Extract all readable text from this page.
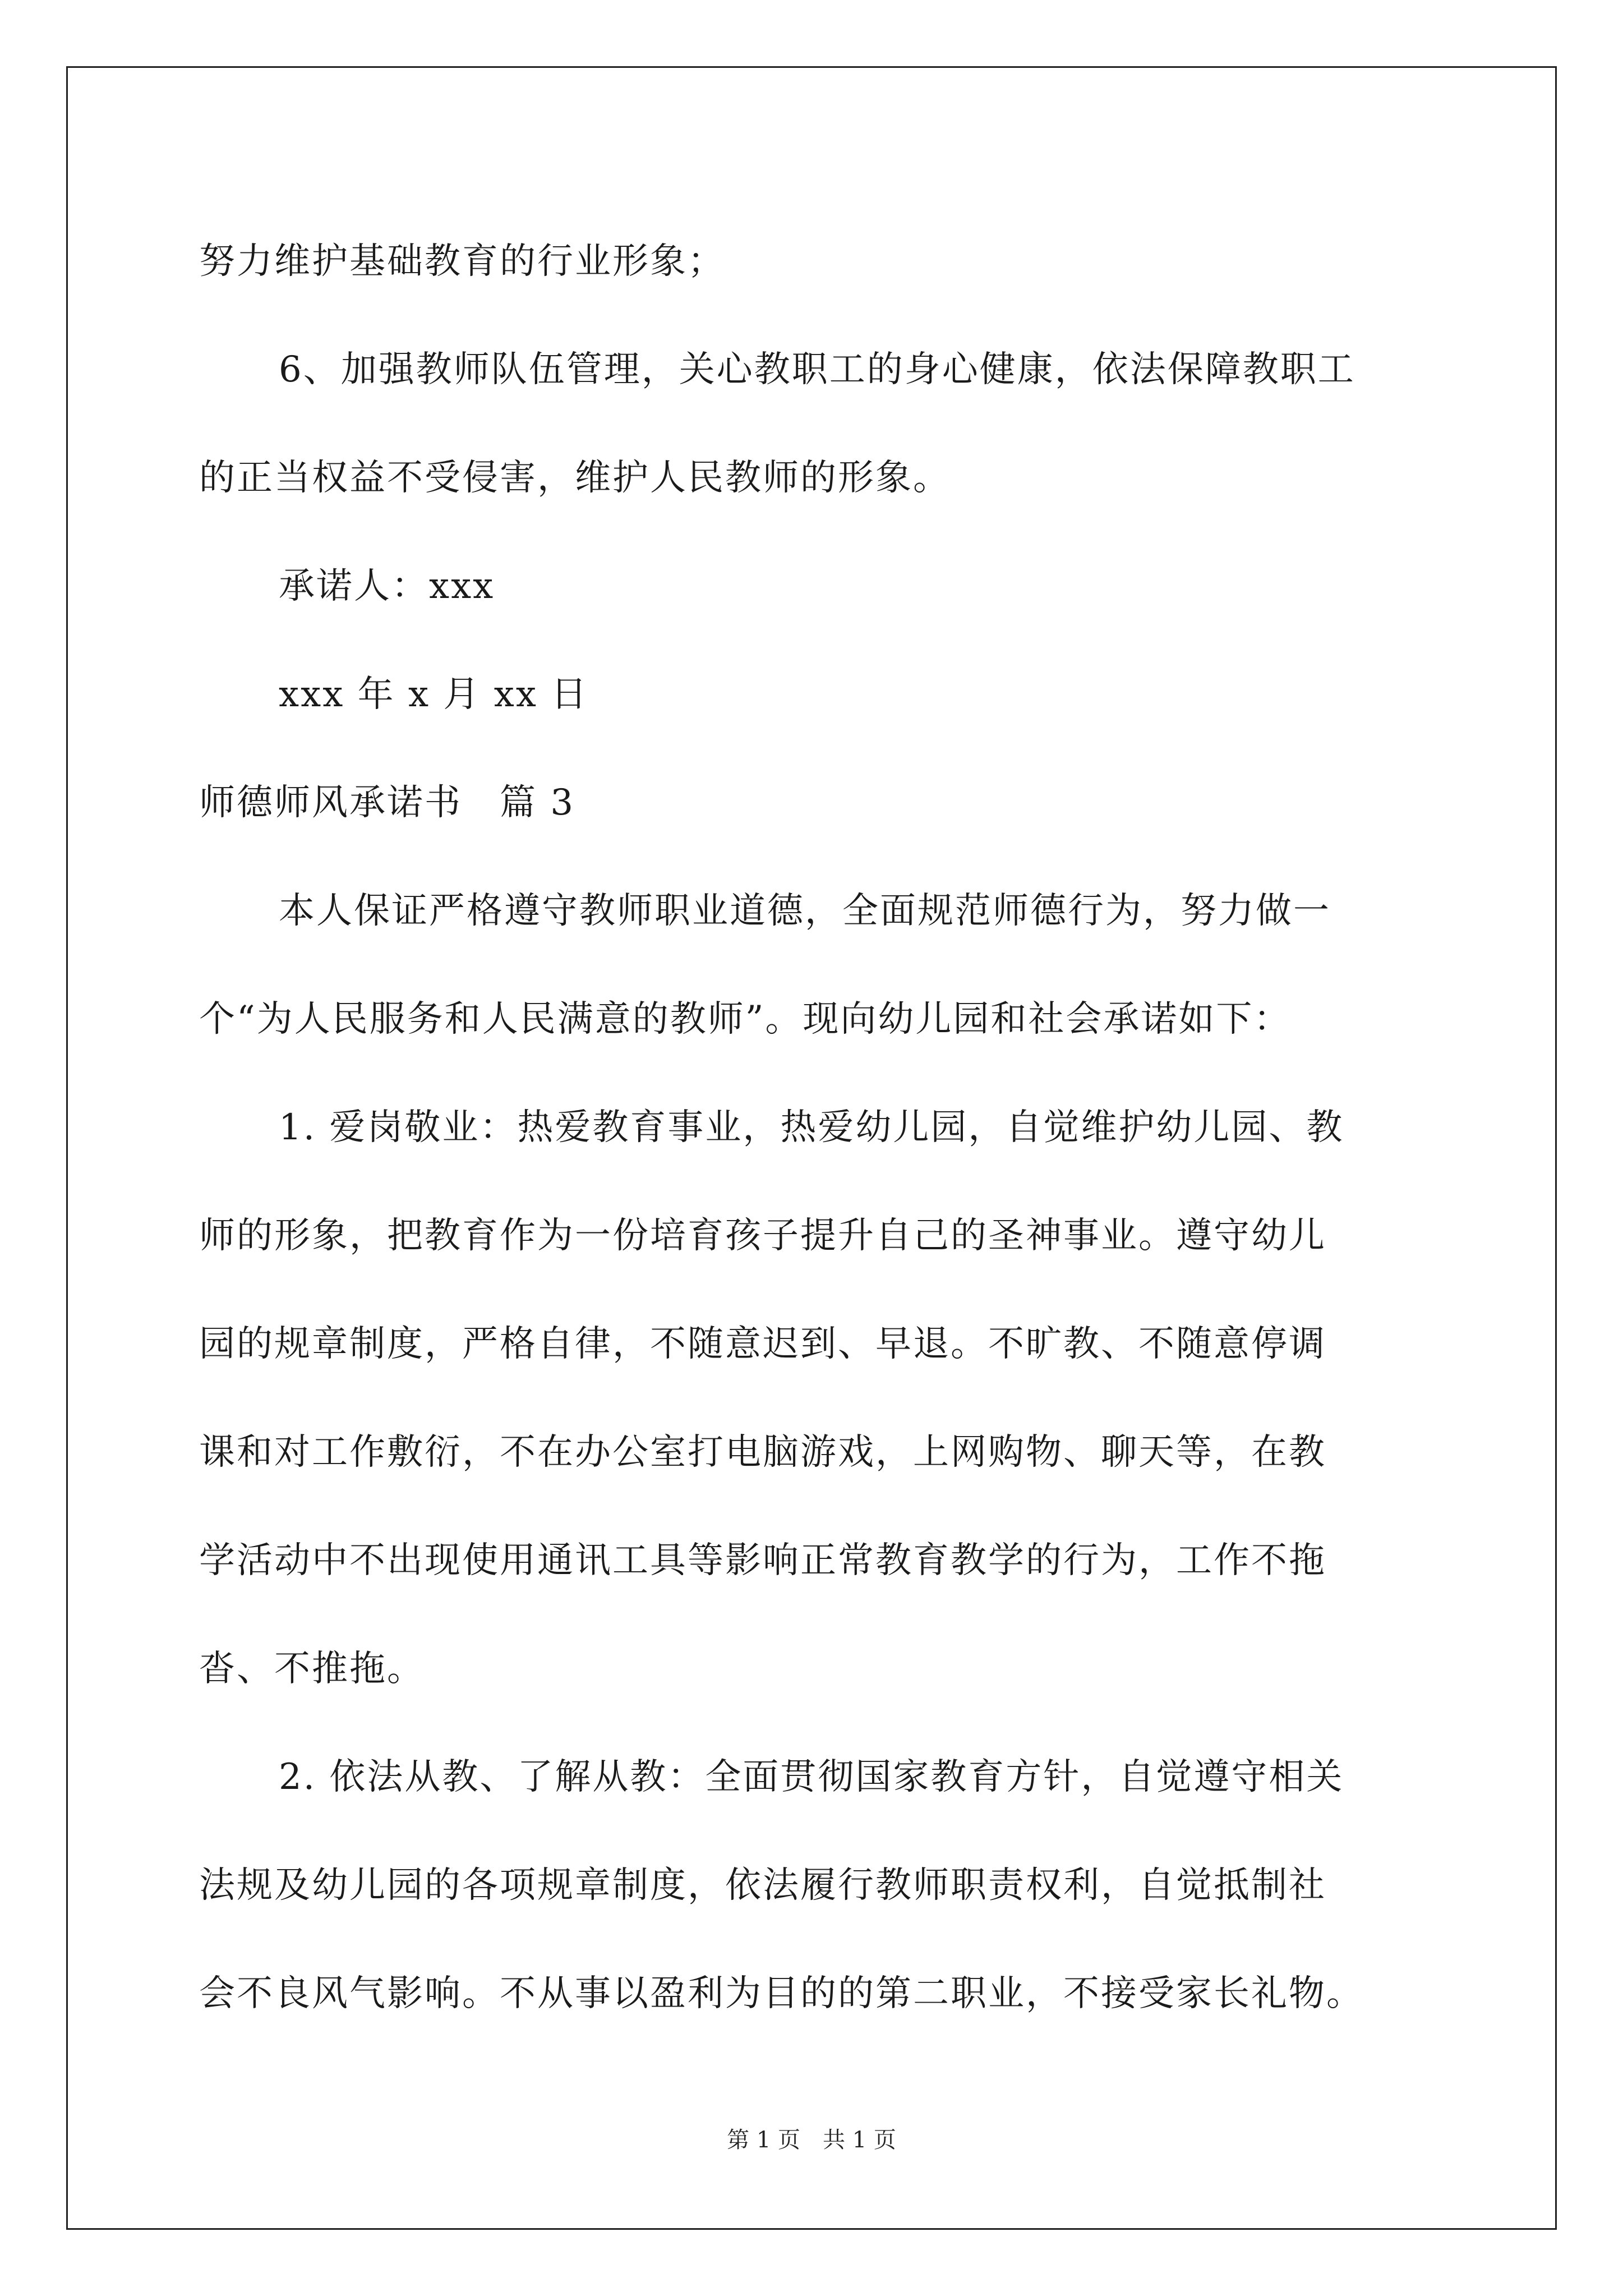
努力维护基础教育的行业形象；
6、加强教师队伍管理，关心教职工的身心健康，依法保障教职工
的正当权益不受侵害，维护人民教师的形象。
承诺人：xxx
xxx 年 x 月 xx 日
师德师风承诺书　篇 3
本人保证严格遵守教师职业道德，全面规范师德行为，努力做一
个“为人民服务和人民满意的教师”。现向幼儿园和社会承诺如下：
1. 爱岗敬业：热爱教育事业，热爱幼儿园，自觉维护幼儿园、教
师的形象，把教育作为一份培育孩子提升自己的圣神事业。遵守幼儿
园的规章制度，严格自律，不随意迟到、早退。不旷教、不随意停调
课和对工作敷衍，不在办公室打电脑游戏，上网购物、聊天等，在教
学活动中不出现使用通讯工具等影响正常教育教学的行为，工作不拖
沓、不推拖。
2. 依法从教、了解从教：全面贯彻国家教育方针，自觉遵守相关
法规及幼儿园的各项规章制度，依法履行教师职责权利，自觉抵制社
会不良风气影响。不从事以盈利为目的的第二职业，不接受家长礼物。
第 1 页　共 1 页
